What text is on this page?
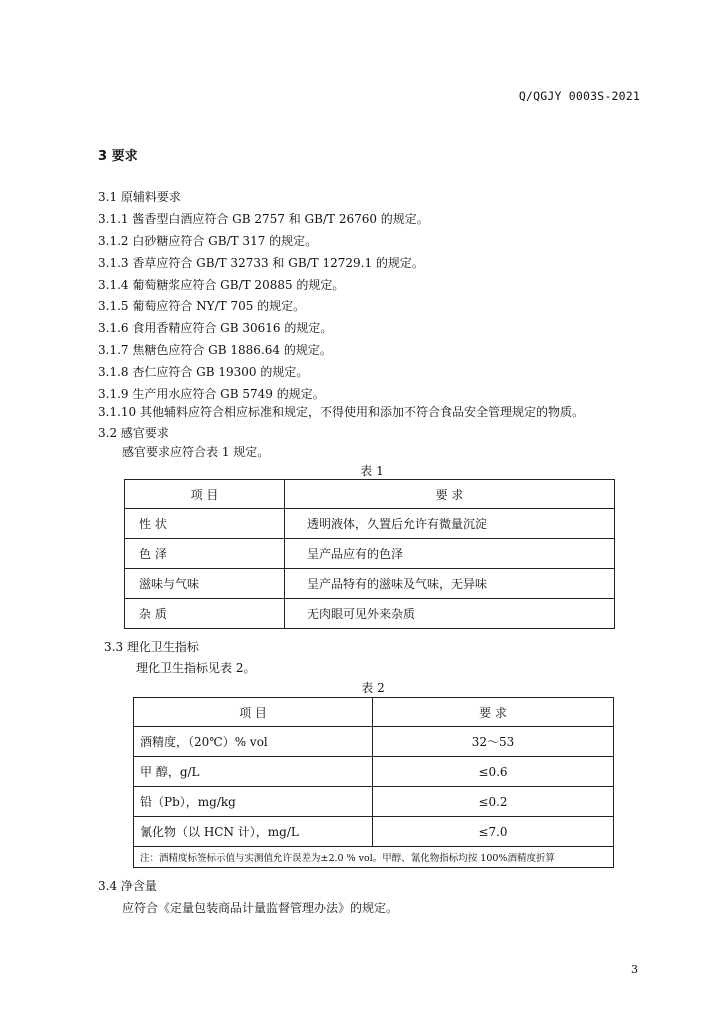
Q/QGJY 0003S-2021
3 要求
3.1 原辅料要求
3.1.1 酱香型白酒应符合 GB 2757 和 GB/T 26760 的规定。
3.1.2 白砂糖应符合 GB/T 317 的规定。
3.1.3 香草应符合 GB/T 32733 和 GB/T 12729.1 的规定。
3.1.4 葡萄糖浆应符合 GB/T 20885 的规定。
3.1.5 葡萄应符合 NY/T 705 的规定。
3.1.6 食用香精应符合 GB 30616 的规定。
3.1.7 焦糖色应符合 GB 1886.64 的规定。
3.1.8 杏仁应符合 GB 19300 的规定。
3.1.9 生产用水应符合 GB 5749 的规定。
3.1.10 其他辅料应符合相应标准和规定，不得使用和添加不符合食品安全管理规定的物质。
3.2 感官要求
感官要求应符合表 1 规定。
表 1
项 目	要 求
性 状	透明液体，久置后允许有微量沉淀
色 泽	呈产品应有的色泽
滋味与气味	呈产品特有的滋味及气味，无异味
杂 质	无肉眼可见外来杂质
3.3 理化卫生指标
理化卫生指标见表 2。
表 2
项 目	要 求
酒精度，（20℃）% vol	32～53
甲 醇，g/L	≤0.6
铅（Pb），mg/kg	≤0.2
氰化物（以 HCN 计），mg/L	≤7.0
注：酒精度标签标示值与实测值允许误差为±2.0 % vol。甲醇、氰化物指标均按 100%酒精度折算	
3.4 净含量
应符合《定量包装商品计量监督管理办法》的规定。
3
